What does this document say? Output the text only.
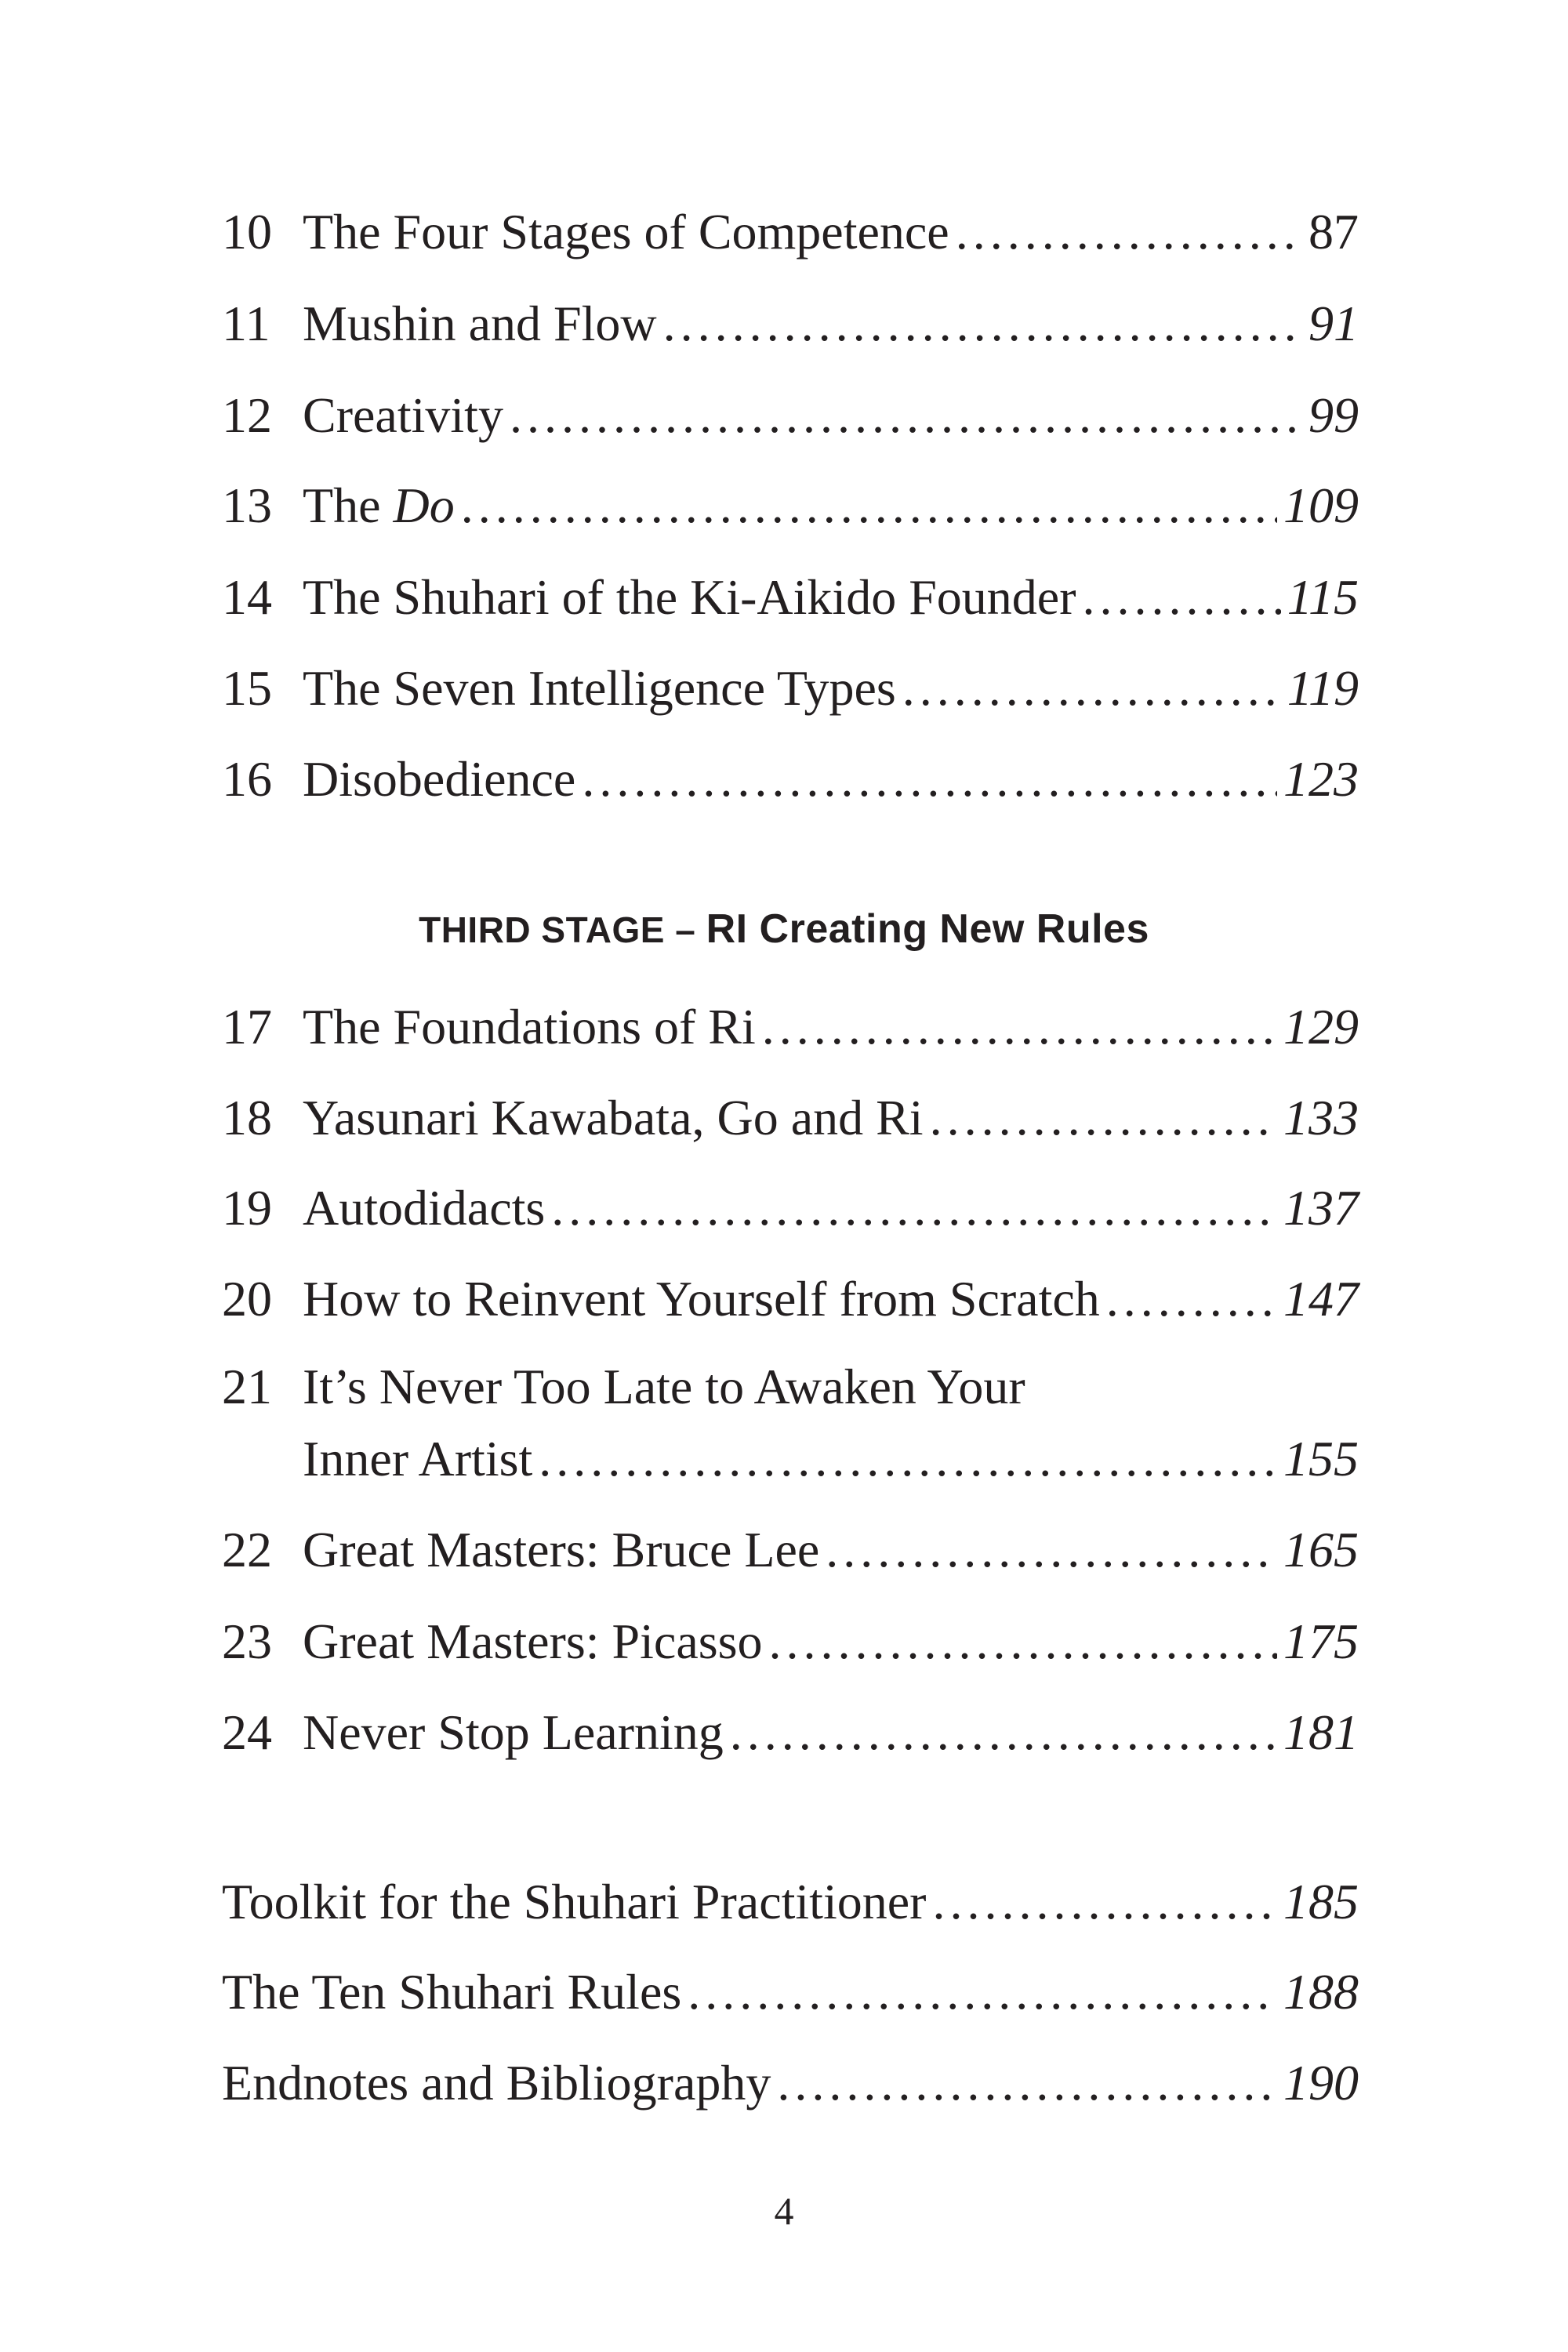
10 The Four Stages of Competence .....	87
11 Mushin and Flow .....	91
12 Creativity .....	99
13 The Do .....	109
14 The Shuhari of the Ki-Aikido Founder .....	115
15 The Seven Intelligence Types .....	119
16 Disobedience .....	123
THIRD STAGE – RI Creating New Rules
17 The Foundations of Ri .....	129
18 Yasunari Kawabata, Go and Ri .....	133
19 Autodidacts .....	137
20 How to Reinvent Yourself from Scratch .....	147
21 It’s Never Too Late to Awaken Your
Inner Artist .....	155
22 Great Masters: Bruce Lee .....	165
23 Great Masters: Picasso .....	175
24 Never Stop Learning .....	181
Toolkit for the Shuhari Practitioner .....	185
The Ten Shuhari Rules .....	188
Endnotes and Bibliography .....	190
4
